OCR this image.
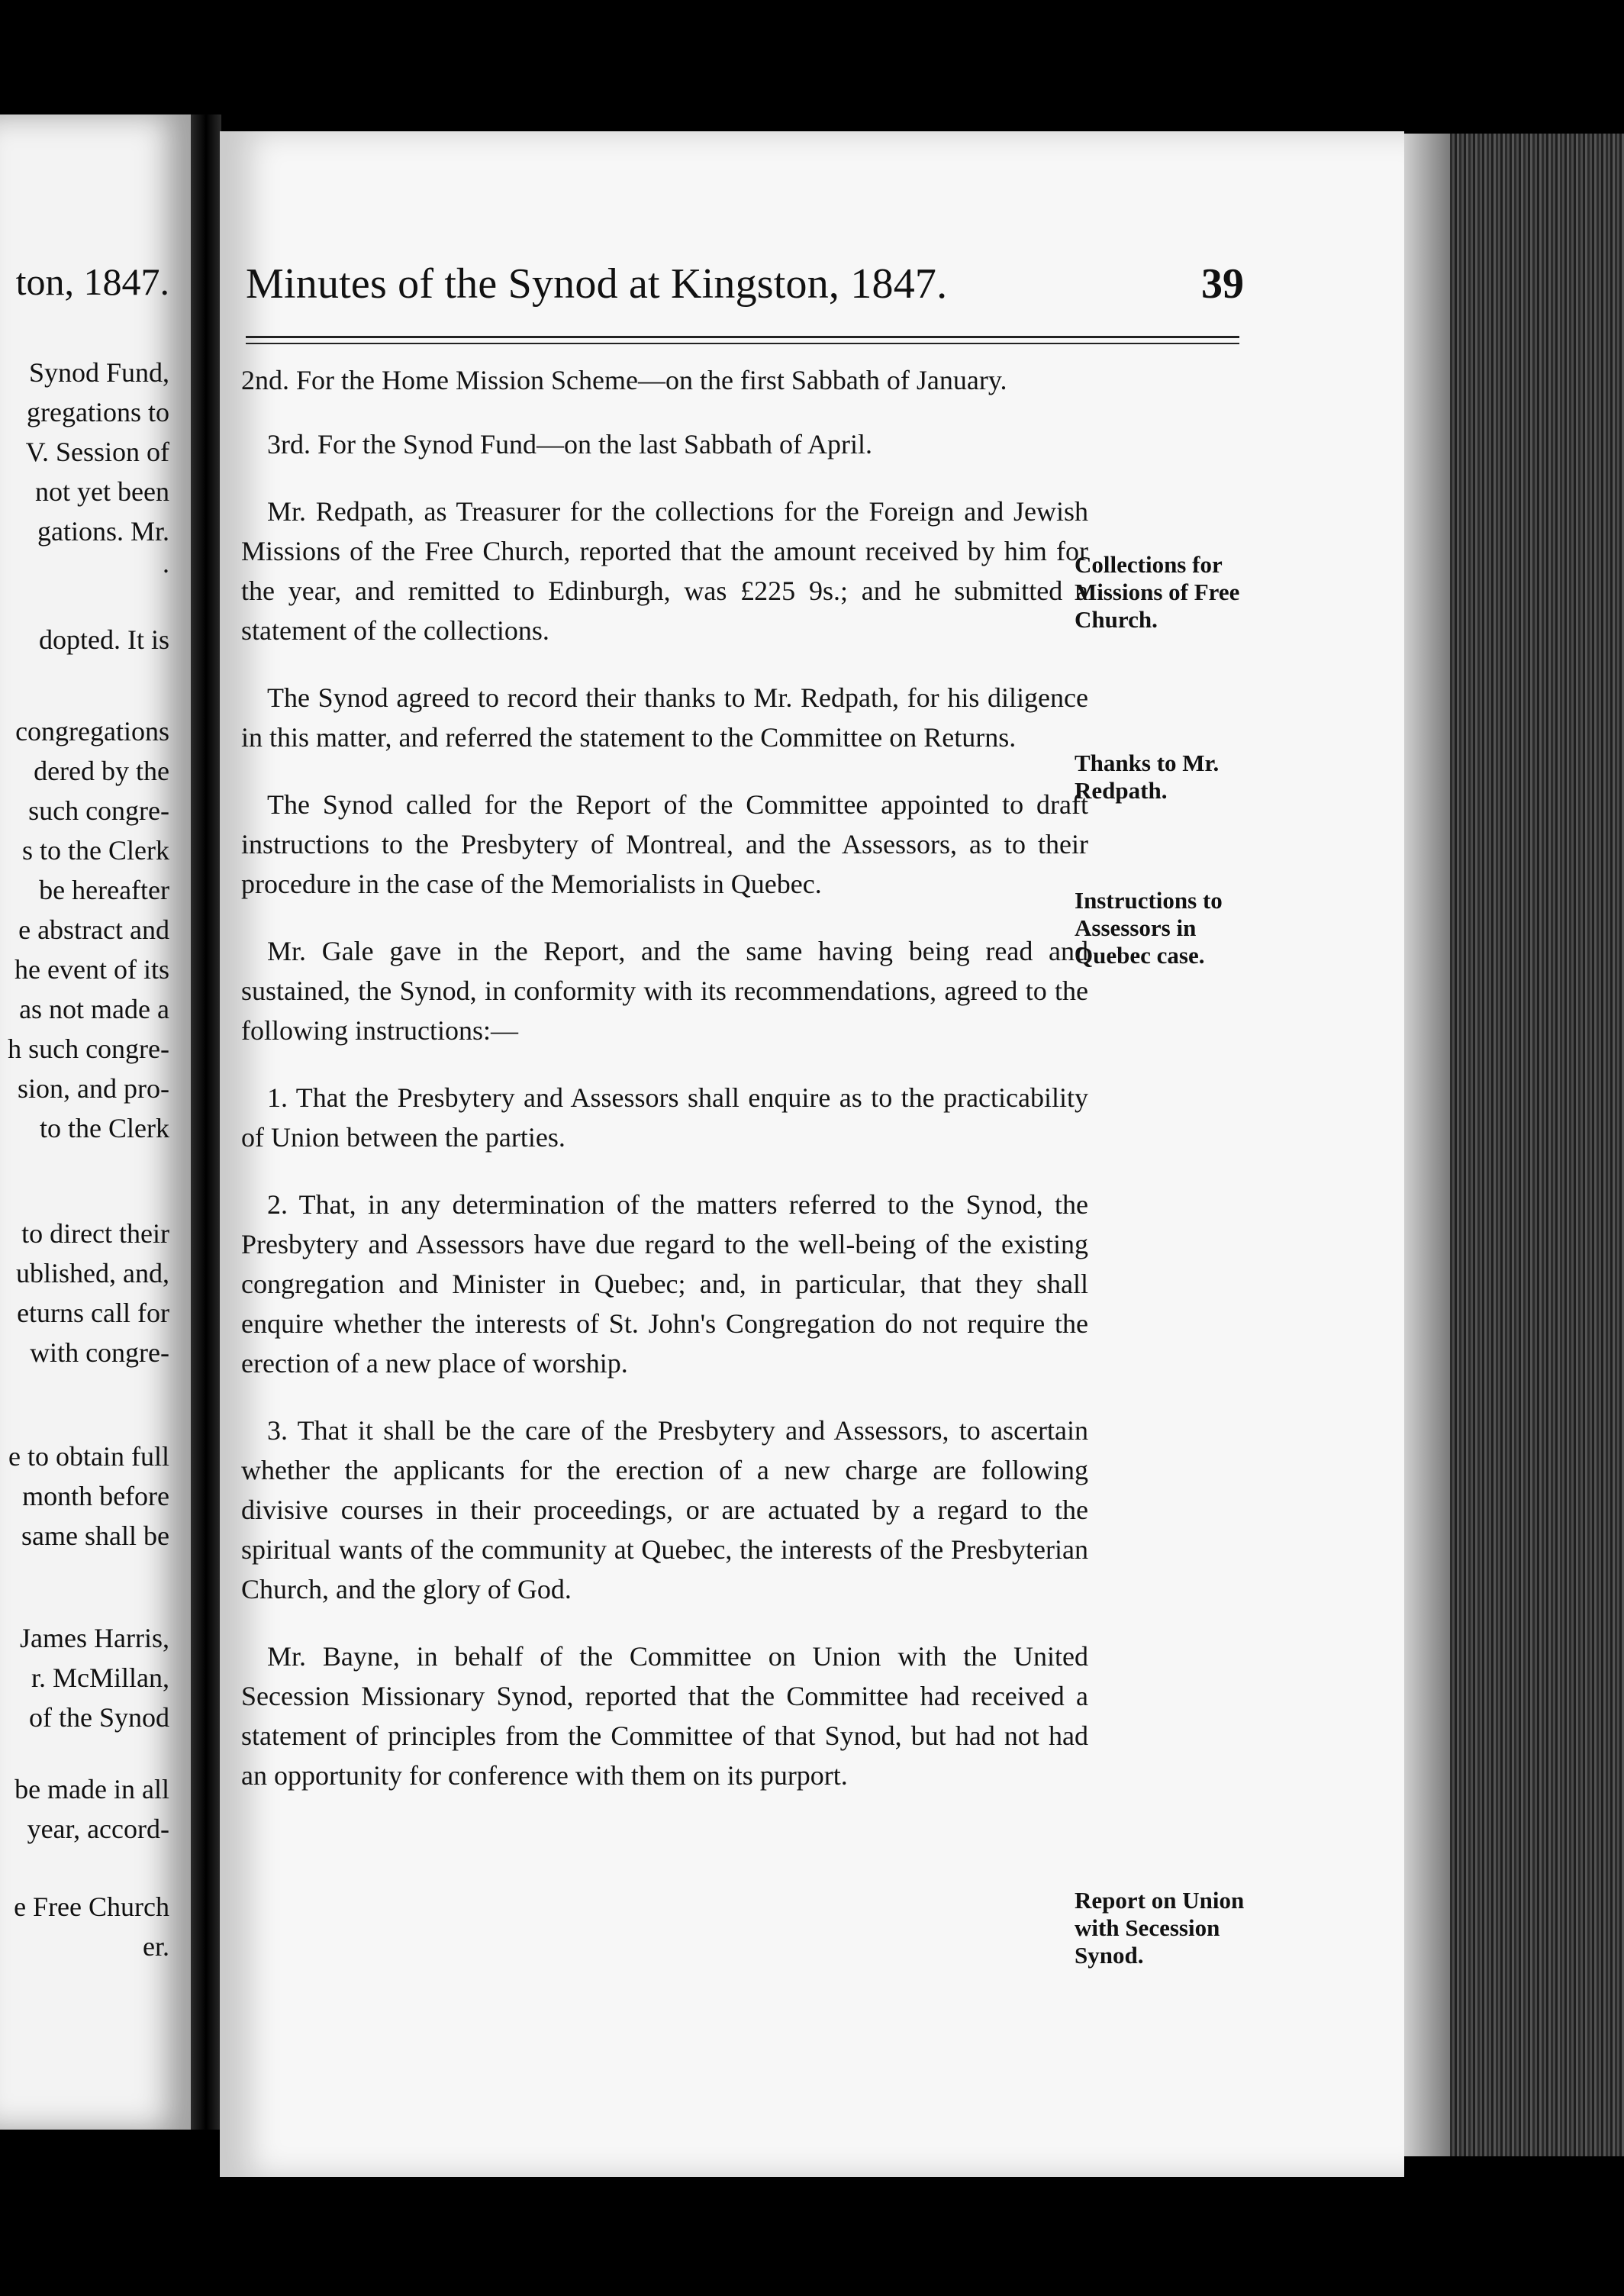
ton, 1847.
Synod Fund,
gregations to
V. Session of
not yet been
gations. Mr.
.
dopted. It is
congregations
dered by the
such congre-
s to the Clerk
be hereafter
e abstract and
he event of its
as not made a
h such congre-
sion, and pro-
to the Clerk
to direct their
ublished, and,
eturns call for
with congre-
e to obtain full
month before
same shall be
James Harris,
r. McMillan,
of the Synod
be made in all
year, accord-
e Free Church
er.
Minutes of the Synod at Kingston, 1847.	39

2nd. For the Home Mission Scheme—on the first Sabbath of January.

3rd. For the Synod Fund—on the last Sabbath of April.

Mr. Redpath, as Treasurer for the collections for the Foreign and Jewish Missions of the Free Church, reported that the amount received by him for the year, and remitted to Edinburgh, was £225 9s.; and he submitted a statement of the collections.

The Synod agreed to record their thanks to Mr. Redpath, for his diligence in this matter, and referred the statement to the Committee on Returns.

The Synod called for the Report of the Committee appointed to draft instructions to the Presbytery of Montreal, and the Assessors, as to their procedure in the case of the Memorialists in Quebec.

Mr. Gale gave in the Report, and the same having being read and sustained, the Synod, in conformity with its recommendations, agreed to the following instructions:—

1. That the Presbytery and Assessors shall enquire as to the practicability of Union between the parties.

2. That, in any determination of the matters referred to the Synod, the Presbytery and Assessors have due regard to the well-being of the existing congregation and Minister in Quebec; and, in particular, that they shall enquire whether the interests of St. John's Congregation do not require the erection of a new place of worship.

3. That it shall be the care of the Presbytery and Assessors, to ascertain whether the applicants for the erection of a new charge are following divisive courses in their proceedings, or are actuated by a regard to the spiritual wants of the community at Quebec, the interests of the Presbyterian Church, and the glory of God.

Mr. Bayne, in behalf of the Committee on Union with the United Secession Missionary Synod, reported that the Committee had received a statement of principles from the Committee of that Synod, but had not had an opportunity for conference with them on its purport.

Collections for Missions of Free Church.
Thanks to Mr. Redpath.
Instructions to Assessors in Quebec case.
Report on Union with Secession Synod.
